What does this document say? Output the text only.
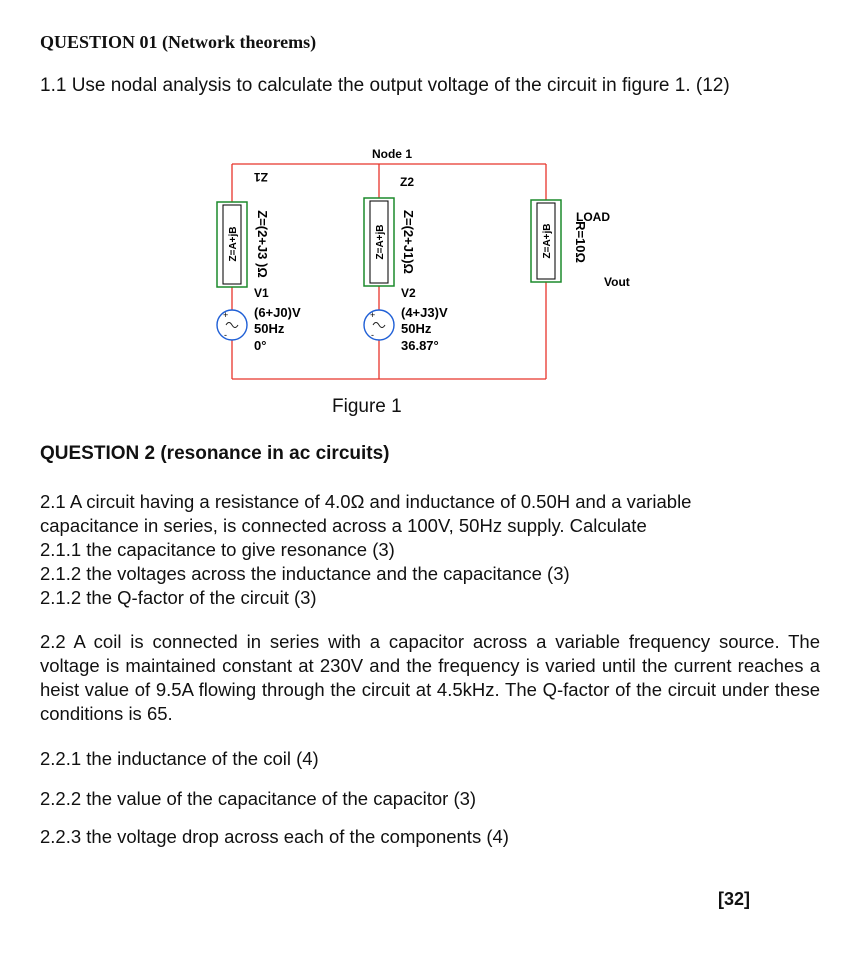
QUESTION 01 (Network theorems)
1.1 Use nodal analysis to calculate the output voltage of the circuit in figure 1. (12)
Z=A+jB	Z=A+jB	Z=A+jB
Z=(2+J3 )Ω	Z=(2+J1)Ω	R=10Ω
Z1
Node 1
Z2
LOAD
Vout
+
-
+
-
V1
(6+J0)V
50Hz
0°
V2
(4+J3)V
50Hz
36.87°
Figure 1
QUESTION 2 (resonance in ac circuits)
2.1 A circuit having a resistance of 4.0Ω and inductance of 0.50H and a variable
capacitance in series, is connected across a 100V, 50Hz supply. Calculate
2.1.1 the capacitance to give resonance (3)
2.1.2 the voltages across the inductance and the capacitance (3)
2.1.2 the Q-factor of the circuit (3)
2.2 A coil is connected in series with a capacitor across a variable frequency source. The voltage is maintained constant at 230V and the frequency is varied until the current reaches a heist value of 9.5A flowing through the circuit at 4.5kHz. The Q-factor of the circuit under these conditions is 65.
2.2.1 the inductance of the coil (4)
2.2.2 the value of the capacitance of the capacitor (3)
2.2.3 the voltage drop across each of the components (4)
[32]
